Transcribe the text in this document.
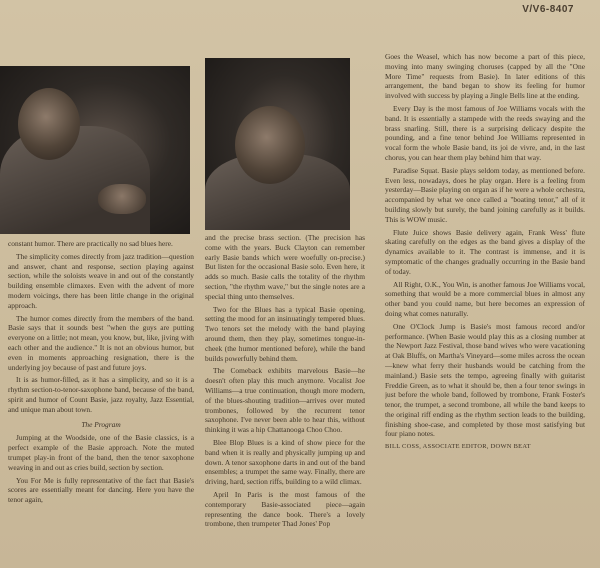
V/V6-8407

constant humor. There are practically no sad blues here.

The simplicity comes directly from jazz tradition—question and answer, chant and response, section playing against section, while the soloists weave in and out of the constantly building ensemble climaxes. Even with the advent of more modern voicings, there has been little change in the original approach.

The humor comes directly from the members of the band. Basie says that it sounds best "when the guys are putting everyone on a little; not mean, you know, but, like, jiving with each other and the audience." It is not an obvious humor, but even in moments approaching resignation, there is the underlying joy because of past and future joys.

It is as humor-filled, as it has a simplicity, and so it is a rhythm section-to-tenor-saxophone band, because of the band, spirit and humor of Count Basie, jazz royalty, Jazz Essential, and unique man about town.

The Program

Jumping at the Woodside, one of the Basie classics, is a perfect example of the Basie approach. Note the muted trumpet play-in front of the band, then the tenor saxophone weaving in and out as cries build, section by section.

You For Me is fully representative of the fact that Basie's scores are essentially meant for dancing. Here you have the tenor again,

and the precise brass section. (The precision has come with the years. Buck Clayton can remember early Basie bands which were woefully on-precise.) But listen for the occasional Basie solo. Even here, it adds so much. Basie calls the totality of the rhythm section, "the rhythm wave," but the single notes are a special thing unto themselves.

Two for the Blues has a typical Basie opening, setting the mood for an insinuatingly tempered blues. Two tenors set the melody with the band playing around them, then they play, sometimes tongue-in-cheek (the humor mentioned before), while the band builds powerfully behind them.

The Comeback exhibits marvelous Basie—he doesn't often play this much anymore. Vocalist Joe Williams—a true continuation, though more modern, of the blues-shouting tradition—arrives over muted trombones, followed by the recurrent tenor saxophone. I've never been able to hear this, without thinking it was a hip Chattanooga Choo Choo.

Blee Blop Blues is a kind of show piece for the band when it is really and physically jumping up and down. A tenor saxophone darts in and out of the band ensembles; a trumpet the same way. Finally, there are driving, hard, section riffs, building to a wild climax.

April In Paris is the most famous of the contemporary Basie-associated piece—again representing the dance book. There's a lovely trombone, then trumpeter Thad Jones' Pop

Goes the Weasel, which has now become a part of this piece, moving into many swinging choruses (capped by all the "One More Time" requests from Basie). In later editions of this arrangement, the band began to show its feeling for humor involved with success by playing a Jingle Bells line at the ending.

Every Day is the most famous of Joe Williams vocals with the band. It is essentially a stampede with the reeds swaying and the brass snarling. Still, there is a surprising delicacy despite the pounding, and a fine tenor behind Joe Williams represented in vocal form the whole Basie band, its joi de vivre, and, in the last chorus, you can hear them play behind him that way.

Paradise Squat. Basie plays seldom today, as mentioned before. Even less, nowadays, does he play organ. Here is a feeling from yesterday—Basie playing on organ as if he were a whole orchestra, accompanied by what we once called a "boating tenor," all of it building slowly but surely, the band joining carefully as it builds. This is WOW music.

Flute Juice shows Basie delivery again, Frank Wess' flute skating carefully on the edges as the band gives a display of the dynamics available to it. The contrast is immense, and it is symptomatic of the changes gradually occurring in the Basie band of today.

All Right, O.K., You Win, is another famous Joe Williams vocal, something that would be a more commercial blues in almost any other band you could name, but here becomes an expression of doing what comes naturally.

One O'Clock Jump is Basie's most famous record and/or performance. (When Basie would play this as a closing number at the Newport Jazz Festival, those band wives who were vacationing at Oak Bluffs, on Martha's Vineyard—some miles across the ocean—knew what ferry their husbands would be catching from the mainland.) Basie sets the tempo, agreeing finally with guitarist Freddie Green, as to what it should be, then a four tenor swings in just before the whole band, followed by trombone, Frank Foster's tenor, the trumpet, a second trombone, all while the band keeps to the original riff ending as the rhythm section leads to the building, finishing shoe-case, and completed by those most satisfying but four piano notes.

BILL COSS, ASSOCIATE EDITOR, DOWN BEAT
